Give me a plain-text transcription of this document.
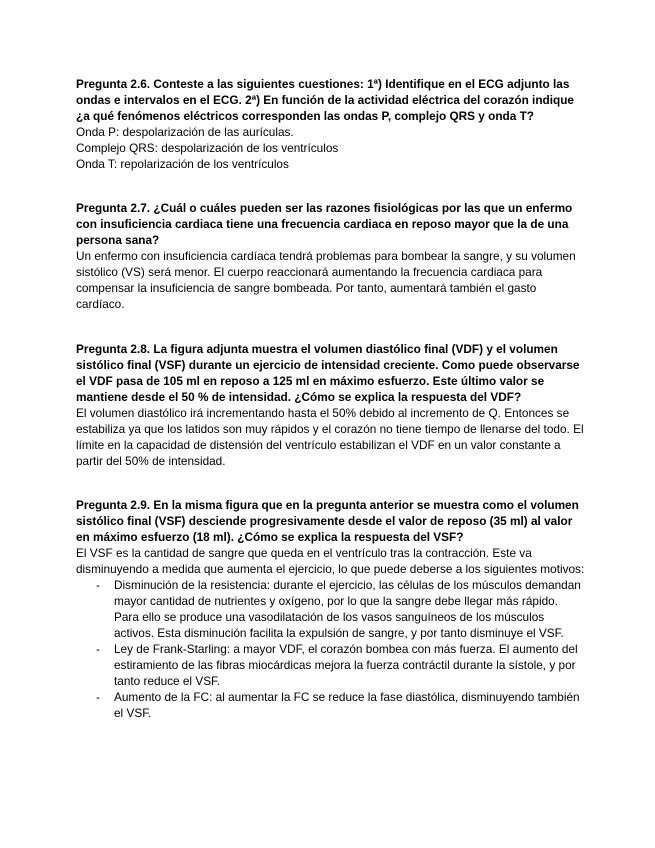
Pregunta 2.6. Conteste a las siguientes cuestiones: 1ª) Identifique en el ECG adjunto las ondas e intervalos en el ECG. 2ª) En función de la actividad eléctrica del corazón indique ¿a qué fenómenos eléctricos corresponden las ondas P, complejo QRS y onda T?

Onda P: despolarización de las aurículas.

Complejo QRS: despolarización de los ventrículos

Onda T: repolarización de los ventrículos

Pregunta 2.7. ¿Cuál o cuáles pueden ser las razones fisiológicas por las que un enfermo con insuficiencia cardiaca tiene una frecuencia cardiaca en reposo mayor que la de una persona sana?

Un enfermo con insuficiencia cardíaca tendrá problemas para bombear la sangre, y su volumen sistólico (VS) será menor. El cuerpo reaccionará aumentando la frecuencia cardiaca para compensar la insuficiencia de sangre bombeada. Por tanto, aumentará también el gasto cardíaco.

Pregunta 2.8. La figura adjunta muestra el volumen diastólico final (VDF) y el volumen sistólico final (VSF) durante un ejercicio de intensidad creciente. Como puede observarse el VDF pasa de 105 ml en reposo a 125 ml en máximo esfuerzo. Este último valor se mantiene desde el 50 % de intensidad. ¿Cómo se explica la respuesta del VDF?

El volumen diastólico irá incrementando hasta el 50% debido al incremento de Q. Entonces se estabiliza ya que los latidos son muy rápidos y el corazón no tiene tiempo de llenarse del todo. El límite en la capacidad de distensión del ventrículo estabilizan el VDF en un valor constante a partir del 50% de intensidad.

Pregunta 2.9. En la misma figura que en la pregunta anterior se muestra como el volumen sistólico final (VSF) desciende progresivamente desde el valor de reposo (35 ml) al valor en máximo esfuerzo (18 ml). ¿Cómo se explica la respuesta del VSF?

El VSF es la cantidad de sangre que queda en el ventrículo tras la contracción. Este va disminuyendo a medida que aumenta el ejercicio, lo que puede deberse a los siguientes motivos:

- Disminución de la resistencia: durante el ejercicio, las células de los músculos demandan mayor cantidad de nutrientes y oxígeno, por lo que la sangre debe llegar más rápido. Para ello se produce una vasodilatación de los vasos sanguíneos de los músculos activos. Esta disminución facilita la expulsión de sangre, y por tanto disminuye el VSF.
- Ley de Frank-Starling: a mayor VDF, el corazón bombea con más fuerza. El aumento del estiramiento de las fibras miocárdicas mejora la fuerza contráctil durante la sístole, y por tanto reduce el VSF.
- Aumento de la FC: al aumentar la FC se reduce la fase diastólica, disminuyendo también el VSF.
